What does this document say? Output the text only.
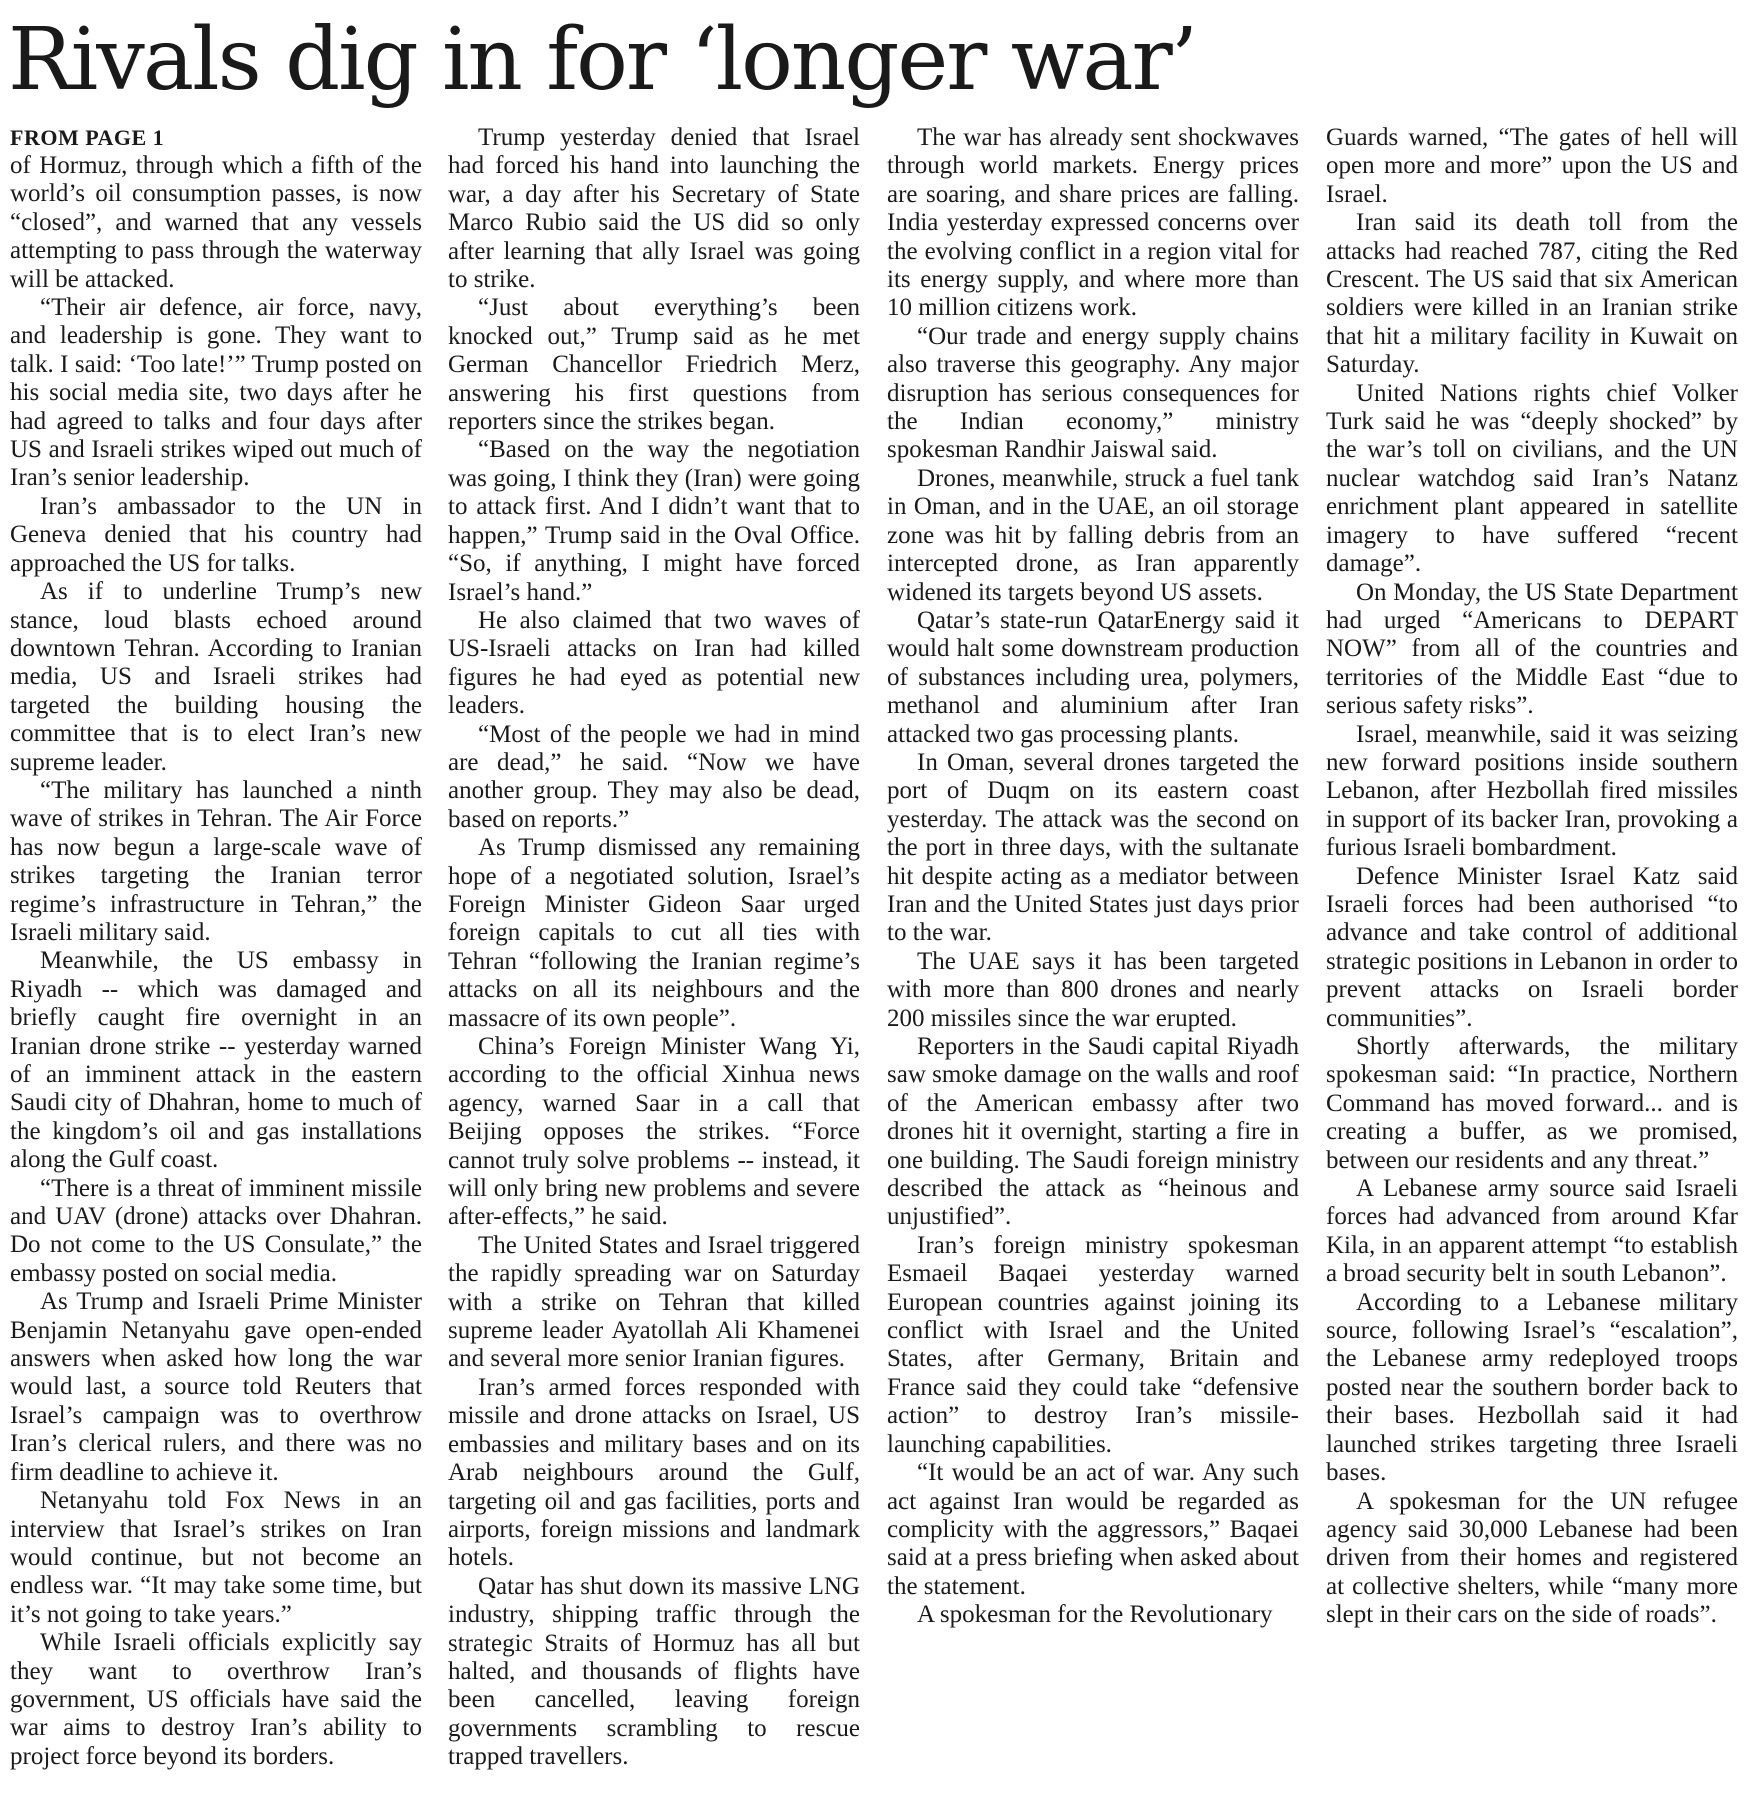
Rivals dig in for ‘longer war’

FROM PAGE 1
of Hormuz, through which a fifth of the world’s oil consumption passes, is now “closed”, and warned that any vessels attempting to pass through the waterway will be attacked.

“Their air defence, air force, navy, and leadership is gone. They want to talk. I said: ‘Too late!’” Trump posted on his social media site, two days after he had agreed to talks and four days after US and Israeli strikes wiped out much of Iran’s senior leadership.

Iran’s ambassador to the UN in Geneva denied that his country had approached the US for talks.

As if to underline Trump’s new stance, loud blasts echoed around downtown Tehran. According to Iranian media, US and Israeli strikes had targeted the building housing the committee that is to elect Iran’s new supreme leader.

“The military has launched a ninth wave of strikes in Tehran. The Air Force has now begun a large-scale wave of strikes targeting the Iranian terror regime’s infrastructure in Tehran,” the Israeli military said.

Meanwhile, the US embassy in Riyadh -- which was damaged and briefly caught fire overnight in an Iranian drone strike -- yesterday warned of an imminent attack in the eastern Saudi city of Dhahran, home to much of the kingdom’s oil and gas installations along the Gulf coast.

“There is a threat of imminent missile and UAV (drone) attacks over Dhahran. Do not come to the US Consulate,” the embassy posted on social media.

As Trump and Israeli Prime Minister Benjamin Netanyahu gave open-ended answers when asked how long the war would last, a source told Reuters that Israel’s campaign was to overthrow Iran’s clerical rulers, and there was no firm deadline to achieve it.

Netanyahu told Fox News in an interview that Israel’s strikes on Iran would continue, but not become an endless war. “It may take some time, but it’s not going to take years.”

While Israeli officials explicitly say they want to overthrow Iran’s government, US officials have said the war aims to destroy Iran’s ability to project force beyond its borders.

Trump yesterday denied that Israel had forced his hand into launching the war, a day after his Secretary of State Marco Rubio said the US did so only after learning that ally Israel was going to strike.

“Just about everything’s been knocked out,” Trump said as he met German Chancellor Friedrich Merz, answering his first questions from reporters since the strikes began.

“Based on the way the negotiation was going, I think they (Iran) were going to attack first. And I didn’t want that to happen,” Trump said in the Oval Office. “So, if anything, I might have forced Israel’s hand.”

He also claimed that two waves of US-Israeli attacks on Iran had killed figures he had eyed as potential new leaders.

“Most of the people we had in mind are dead,” he said. “Now we have another group. They may also be dead, based on reports.”

As Trump dismissed any remaining hope of a negotiated solution, Israel’s Foreign Minister Gideon Saar urged foreign capitals to cut all ties with Tehran “following the Iranian regime’s attacks on all its neighbours and the massacre of its own people”.

China’s Foreign Minister Wang Yi, according to the official Xinhua news agency, warned Saar in a call that Beijing opposes the strikes. “Force cannot truly solve problems -- instead, it will only bring new problems and severe after-effects,” he said.

The United States and Israel triggered the rapidly spreading war on Saturday with a strike on Tehran that killed supreme leader Ayatollah Ali Khamenei and several more senior Iranian figures.

Iran’s armed forces responded with missile and drone attacks on Israel, US embassies and military bases and on its Arab neighbours around the Gulf, targeting oil and gas facilities, ports and airports, foreign missions and landmark hotels.

Qatar has shut down its massive LNG industry, shipping traffic through the strategic Straits of Hormuz has all but halted, and thousands of flights have been cancelled, leaving foreign governments scrambling to rescue trapped travellers.

The war has already sent shockwaves through world markets. Energy prices are soaring, and share prices are falling. India yesterday expressed concerns over the evolving conflict in a region vital for its energy supply, and where more than 10 million citizens work.

“Our trade and energy supply chains also traverse this geography. Any major disruption has serious consequences for the Indian economy,” ministry spokesman Randhir Jaiswal said.

Drones, meanwhile, struck a fuel tank in Oman, and in the UAE, an oil storage zone was hit by falling debris from an intercepted drone, as Iran apparently widened its targets beyond US assets.

Qatar’s state-run QatarEnergy said it would halt some downstream production of substances including urea, polymers, methanol and aluminium after Iran attacked two gas processing plants.

In Oman, several drones targeted the port of Duqm on its eastern coast yesterday. The attack was the second on the port in three days, with the sultanate hit despite acting as a mediator between Iran and the United States just days prior to the war.

The UAE says it has been targeted with more than 800 drones and nearly 200 missiles since the war erupted.

Reporters in the Saudi capital Riyadh saw smoke damage on the walls and roof of the American embassy after two drones hit it overnight, starting a fire in one building. The Saudi foreign ministry described the attack as “heinous and unjustified”.

Iran’s foreign ministry spokesman Esmaeil Baqaei yesterday warned European countries against joining its conflict with Israel and the United States, after Germany, Britain and France said they could take “defensive action” to destroy Iran’s missile-launching capabilities.

“It would be an act of war. Any such act against Iran would be regarded as complicity with the aggressors,” Baqaei said at a press briefing when asked about the statement.

A spokesman for the Revolutionary

Guards warned, “The gates of hell will open more and more” upon the US and Israel.

Iran said its death toll from the attacks had reached 787, citing the Red Crescent. The US said that six American soldiers were killed in an Iranian strike that hit a military facility in Kuwait on Saturday.

United Nations rights chief Volker Turk said he was “deeply shocked” by the war’s toll on civilians, and the UN nuclear watchdog said Iran’s Natanz enrichment plant appeared in satellite imagery to have suffered “recent damage”.

On Monday, the US State Department had urged “Americans to DEPART NOW” from all of the countries and territories of the Middle East “due to serious safety risks”.

Israel, meanwhile, said it was seizing new forward positions inside southern Lebanon, after Hezbollah fired missiles in support of its backer Iran, provoking a furious Israeli bombardment.

Defence Minister Israel Katz said Israeli forces had been authorised “to advance and take control of additional strategic positions in Lebanon in order to prevent attacks on Israeli border communities”.

Shortly afterwards, the military spokesman said: “In practice, Northern Command has moved forward... and is creating a buffer, as we promised, between our residents and any threat.”

A Lebanese army source said Israeli forces had advanced from around Kfar Kila, in an apparent attempt “to establish a broad security belt in south Lebanon”.

According to a Lebanese military source, following Israel’s “escalation”, the Lebanese army redeployed troops posted near the southern border back to their bases. Hezbollah said it had launched strikes targeting three Israeli bases.

A spokesman for the UN refugee agency said 30,000 Lebanese had been driven from their homes and registered at collective shelters, while “many more slept in their cars on the side of roads”.
